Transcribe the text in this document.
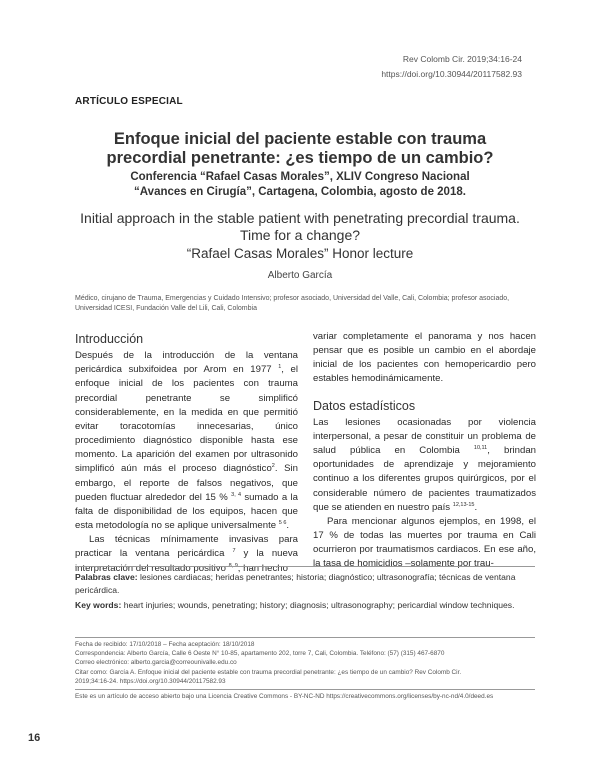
Rev Colomb Cir. 2019;34:16-24
https://doi.org/10.30944/20117582.93
ARTÍCULO ESPECIAL
Enfoque inicial del paciente estable con trauma
precordial penetrante: ¿es tiempo de un cambio?
Conferencia “Rafael Casas Morales”, XLIV Congreso Nacional
“Avances en Cirugía”, Cartagena, Colombia, agosto de 2018.
Initial approach in the stable patient with penetrating precordial trauma.
Time for a change?
“Rafael Casas Morales” Honor lecture
Alberto García
Médico, cirujano de Trauma, Emergencias y Cuidado Intensivo; profesor asociado, Universidad del Valle, Cali, Colombia; profesor asociado, Universidad ICESI, Fundación Valle del Lili, Cali, Colombia
Introducción

Después de la introducción de la ventana pericárdica subxifoidea por Arom en 1977 $^1$, el enfoque inicial de los pacientes con trauma precordial penetrante se simplificó considerablemente, en la medida en que permitió evitar toracotomías innecesarias, único procedimiento diagnóstico disponible hasta ese momento. La aparición del examen por ultrasonido simplificó aún más el proceso diagnóstico$^2$. Sin embargo, el reporte de falsos negativos, que pueden fluctuar alrededor del 15 % $^{3, 4}$ sumado a la falta de disponibilidad de los equipos, hacen que esta metodología no se aplique universalmente $^{5 6}$.

Las técnicas mínimamente invasivas para practicar la ventana pericárdica $^7$ y la nueva interpretación del resultado positivo $^{8, 9}$, han hecho

variar completamente el panorama y nos hacen pensar que es posible un cambio en el abordaje inicial de los pacientes con hemopericardio pero estables hemodinámicamente.

Datos estadísticos

Las lesiones ocasionadas por violencia interpersonal, a pesar de constituir un problema de salud pública en Colombia	$^{10,11}$, brindan oportunidades de aprendizaje y mejoramiento continuo a los diferentes grupos quirúrgicos, por el considerable número de pacientes traumatizados que se atienden en nuestro país $^{12,13-15}$.

Para mencionar algunos ejemplos, en 1998, el 17 % de todas las muertes por trauma en Cali ocurrieron por traumatismos cardiacos. En ese año, la tasa de homicidios –solamente por trau-

Palabras clave: lesiones cardiacas; heridas penetrantes; historia; diagnóstico; ultrasonografía; técnicas de ventana pericárdica.
Key words: heart injuries; wounds, penetrating; history; diagnosis; ultrasonography; pericardial window techniques.
Fecha de recibido: 17/10/2018 – Fecha aceptación: 18/10/2018
Correspondencia: Alberto García, Calle 6 Oeste N° 10-85, apartamento 202, torre 7, Cali, Colombia. Teléfono: (57) (315) 467-6870
Correo electrónico: alberto.garcia@correounivalle.edu.co
Citar como: García A. Enfoque inicial del paciente estable con trauma precordial penetrante: ¿es tiempo de un cambio? Rev Colomb Cir.
2019;34:16-24. https://doi.org/10.30944/20117582.93
Este es un artículo de acceso abierto bajo una Licencia Creative Commons - BY-NC-ND https://creativecommons.org/licenses/by-nc-nd/4.0/deed.es
16
